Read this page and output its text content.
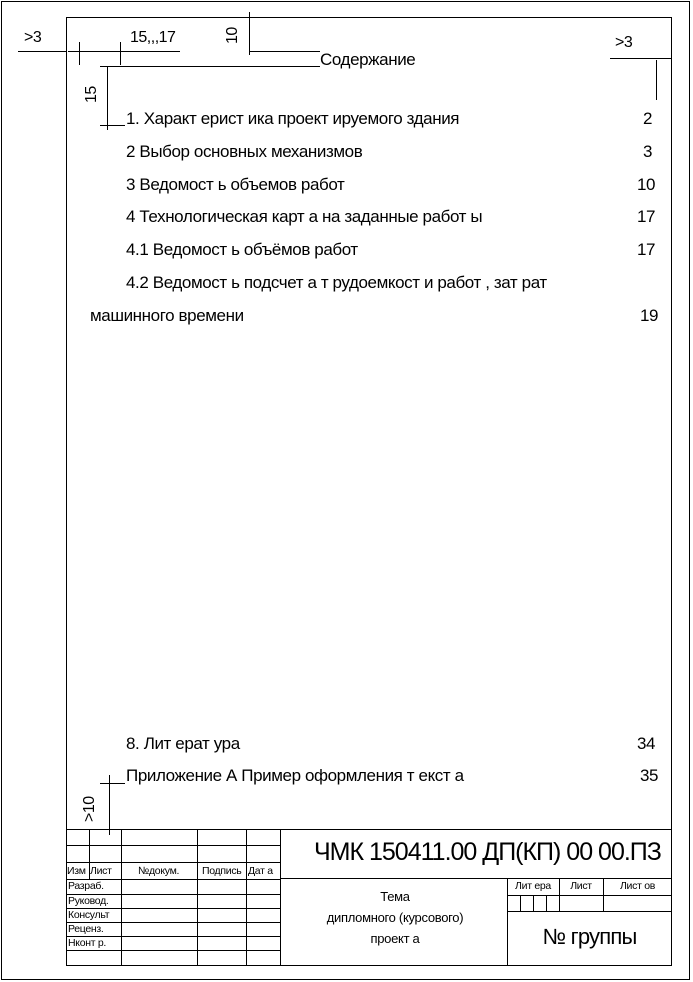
>3	15,,,17	10
15
>3
>10
Содержание
1. Характ ерист ика проект ируемого здания	2
2 Выбор основных механизмов	3
3 Ведомост ь объемов работ	10
4 Технологическая карт а на заданные работ ы	17
4.1 Ведомост ь объёмов работ	17
4.2 Ведомост ь подсчет а т рудоемкост и работ , зат рат
машинного времени	19
8. Лит ерат ура	34
Приложение А Пример оформления т екст а	35
ЧМК 150411.00 ДП(КП) 00 00.ПЗ
Изм Лист	№докум. Подпись Дат а
Разраб.
Руковод.
Консульт
Реценз.
Нконт р.
Тема
дипломного (курсового)
проект а
Лит ера	Лист	Лист ов
№ группы
